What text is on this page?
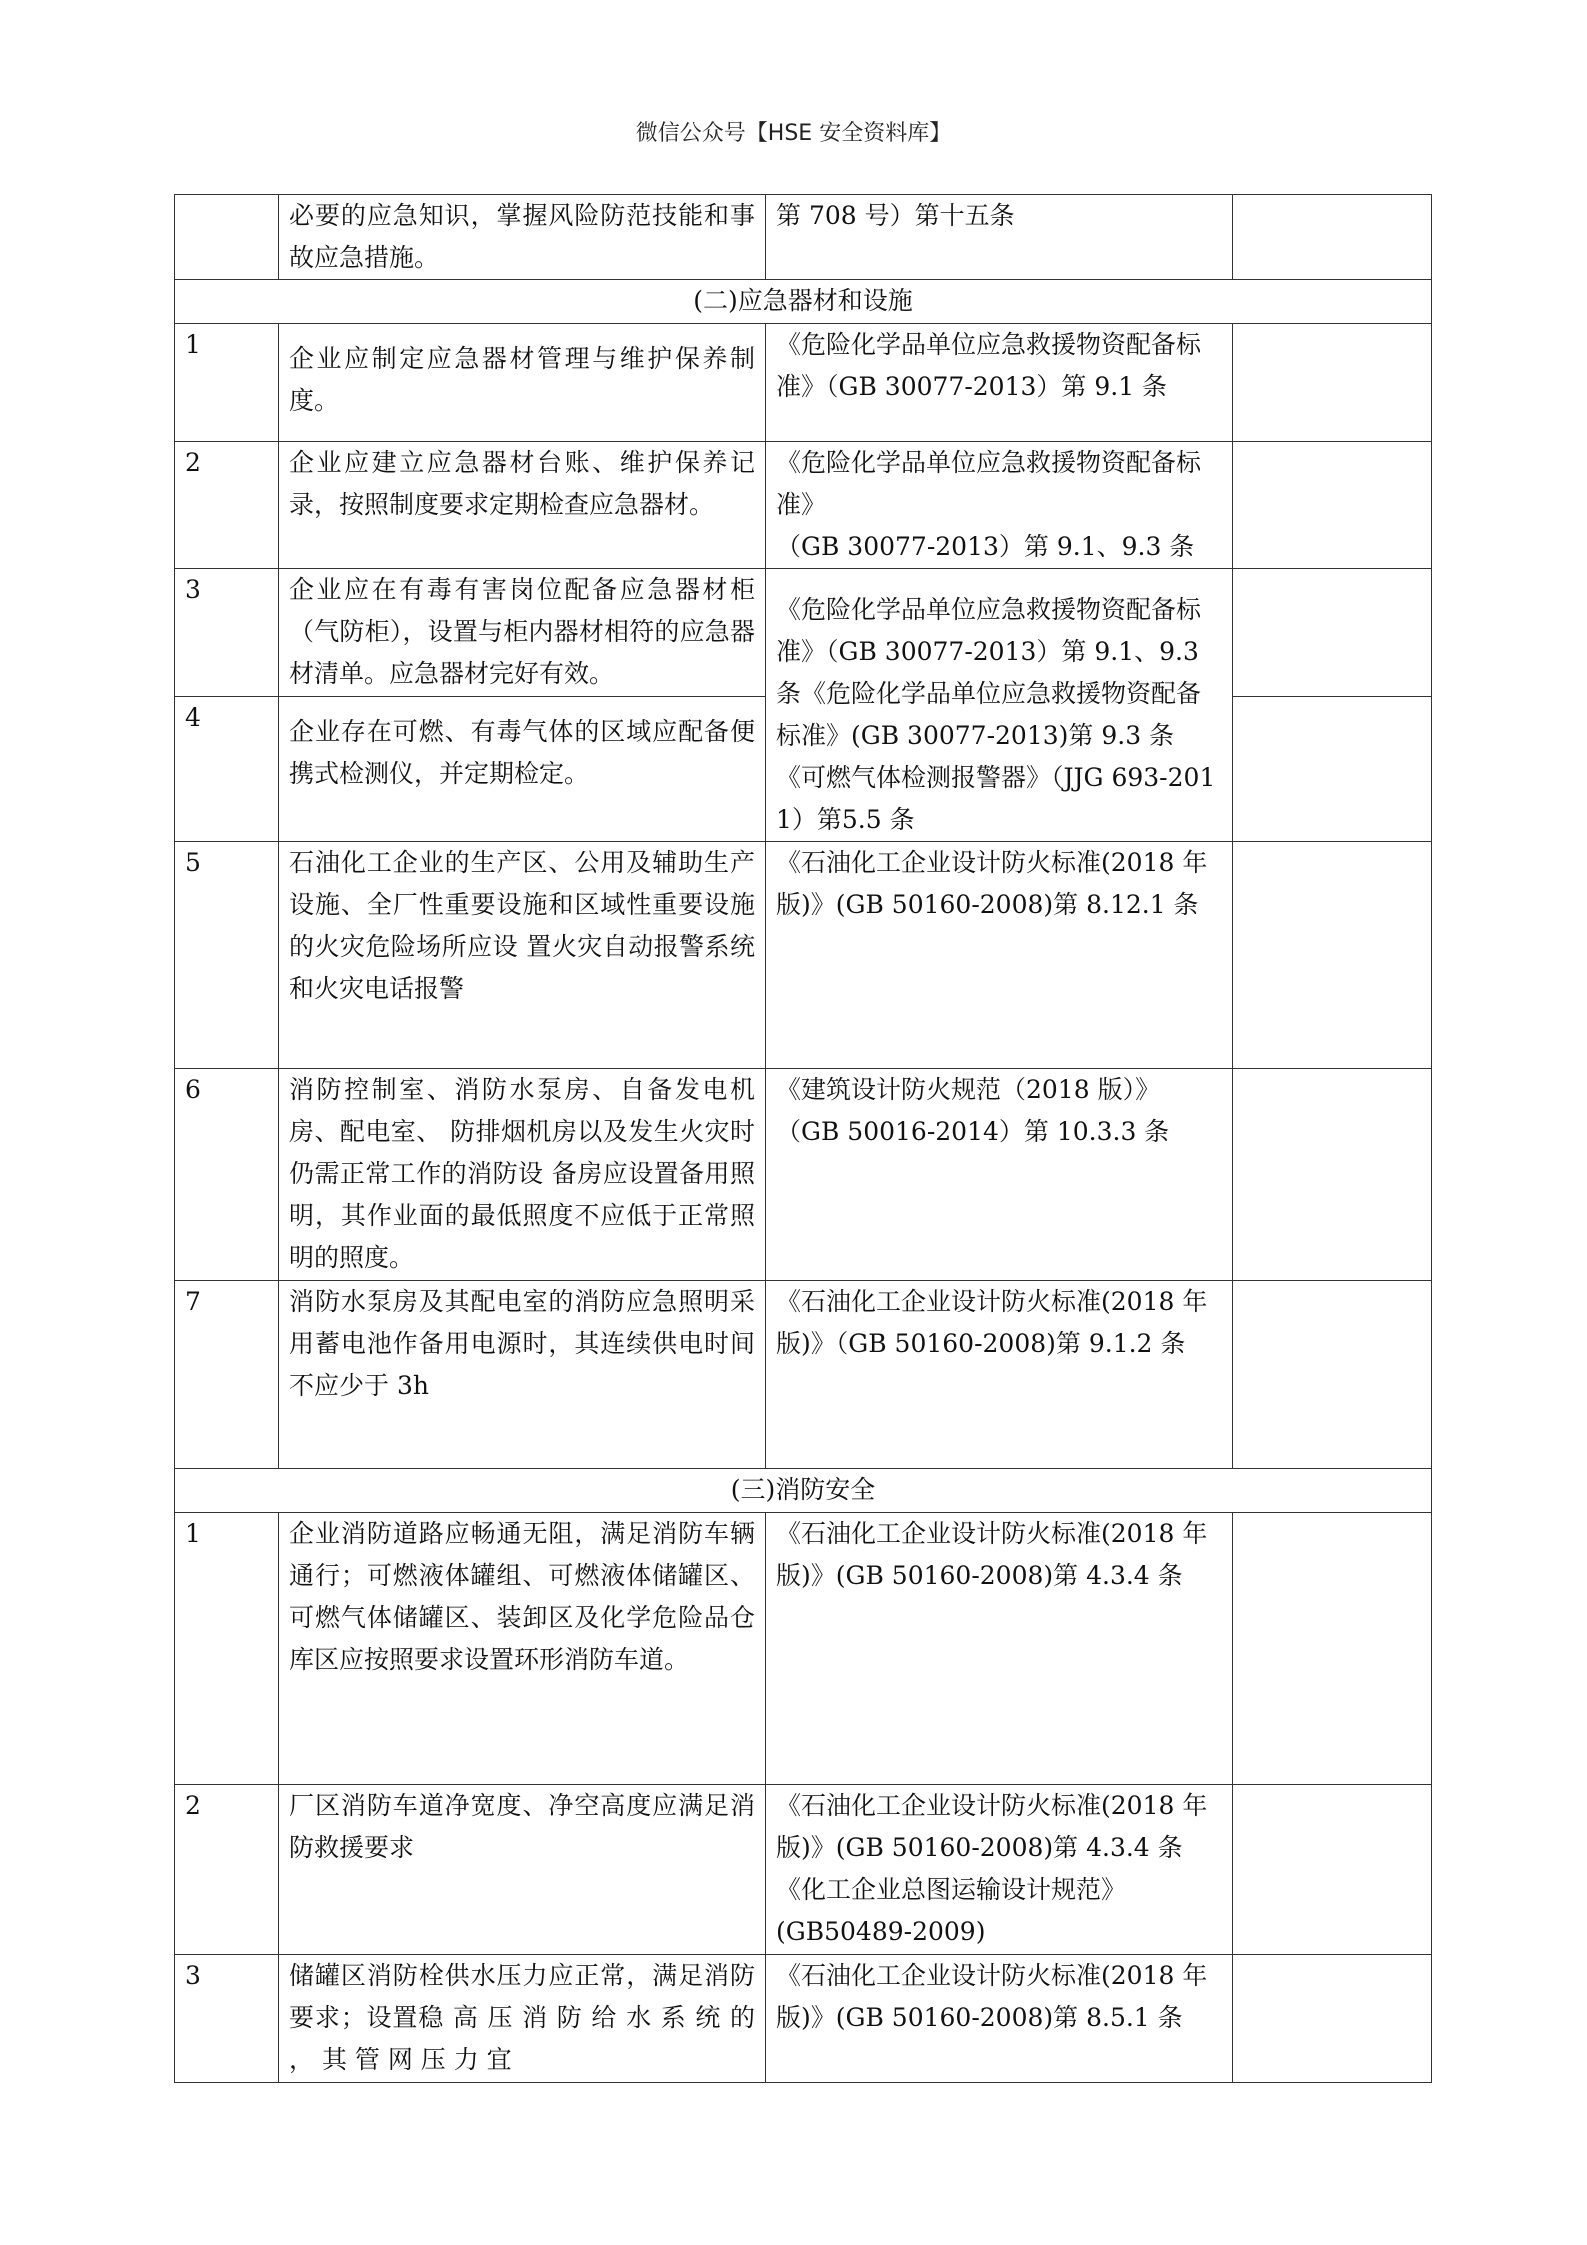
微信公众号【HSE 安全资料库】
	必要的应急知识，掌握风险防范技能和事故应急措施。	第 708 号）第十五条	
(二)应急器材和设施			
1	企业应制定应急器材管理与维护保养制度。	《危险化学品单位应急救援物资配备标准》（GB 30077-2013）第 9.1 条	
2	企业应建立应急器材台账、维护保养记录，按照制度要求定期检查应急器材。	《危险化学品单位应急救援物资配备标准》
（GB 30077-2013）第 9.1、9.3 条	
3	企业应在有毒有害岗位配备应急器材柜（气防柜），设置与柜内器材相符的应急器材清单。应急器材完好有效。	《危险化学品单位应急救援物资配备标准》（GB 30077-2013）第 9.1、9.3 条《危险化学品单位应急救援物资配备标准》(GB 30077-2013)第 9.3 条《可燃气体检测报警器》（JJG 693-2011）第5.5 条	
4	企业存在可燃、有毒气体的区域应配备便携式检测仪，并定期检定。		
5	石油化工企业的生产区、公用及辅助生产设施、全厂性重要设施和区域性重要设施的火灾危险场所应设 置火灾自动报警系统和火灾电话报警	《石油化工企业设计防火标准(2018 年版)》(GB 50160-2008)第 8.12.1 条	
6	消防控制室、消防水泵房、自备发电机房、配电室、 防排烟机房以及发生火灾时仍需正常工作的消防设 备房应设置备用照明，其作业面的最低照度不应低于正常照明的照度。	《建筑设计防火规范（2018 版）》
（GB 50016-2014）第 10.3.3 条	
7	消防水泵房及其配电室的消防应急照明采用蓄电池作备用电源时，其连续供电时间不应少于 3h	《石油化工企业设计防火标准(2018 年版)》（GB 50160-2008)第 9.1.2 条	
(三)消防安全			
1	企业消防道路应畅通无阻，满足消防车辆通行；可燃液体罐组、可燃液体储罐区、可燃气体储罐区、装卸区及化学危险品仓库区应按照要求设置环形消防车道。	《石油化工企业设计防火标准(2018 年版)》(GB 50160-2008)第 4.3.4 条	
2	厂区消防车道净宽度、净空高度应满足消防救援要求	《石油化工企业设计防火标准(2018 年版)》(GB 50160-2008)第 4.3.4 条《化工企业总图运输设计规范》
(GB50489-2009)	
3	储罐区消防栓供水压力应正常，满足消防要求；设置稳 高 压 消 防 给 水 系 统 的 ， 其 管 网 压 力 宜	《石油化工企业设计防火标准(2018 年版)》(GB 50160-2008)第 8.5.1 条	
